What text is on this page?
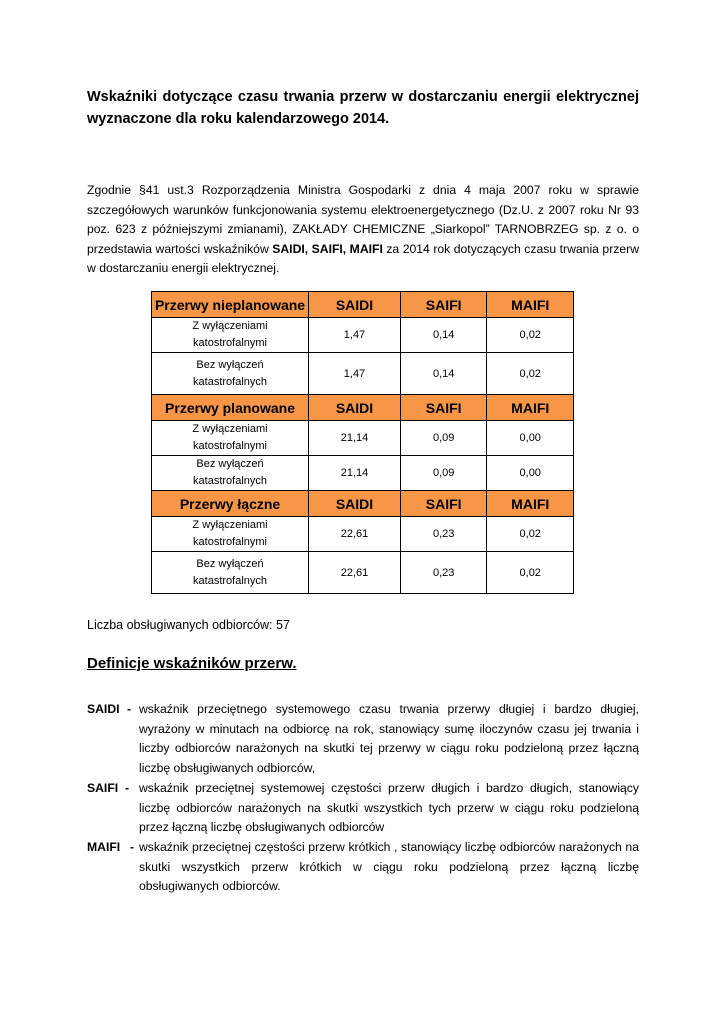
Wskaźniki dotyczące czasu trwania przerw w dostarczaniu energii elektrycznej wyznaczone dla roku kalendarzowego 2014.

Zgodnie §41 ust.3 Rozporządzenia Ministra Gospodarki z dnia 4 maja 2007 roku w sprawie szczegółowych warunków funkcjonowania systemu elektroenergetycznego (Dz.U. z 2007 roku Nr 93 poz. 623 z późniejszymi zmianami), ZAKŁADY CHEMICZNE „Siarkopol” TARNOBRZEG sp. z o. o przedstawia wartości wskaźników SAIDI, SAIFI, MAIFI za 2014 rok dotyczących czasu trwania przerw w dostarczaniu energii elektrycznej.

Przerwy nieplanowane	SAIDI	SAIFI	MAIFI
Z wyłączeniami
katostrofalnymi	1,47	0,14	0,02
Bez wyłączeń
katastrofalnych	1,47	0,14	0,02
Przerwy planowane	SAIDI	SAIFI	MAIFI
Z wyłączeniami
katostrofalnymi	21,14	0,09	0,00
Bez wyłączeń
katastrofalnych	21,14	0,09	0,00
Przerwy łączne	SAIDI	SAIFI	MAIFI
Z wyłączeniami
katostrofalnymi	22,61	0,23	0,02
Bez wyłączeń
katastrofalnych	22,61	0,23	0,02

Liczba obsługiwanych odbiorców: 57

Definicje wskaźników przerw.
SAIDI - wskaźnik przeciętnego systemowego czasu trwania przerwy długiej i bardzo długiej, wyrażony w minutach na odbiorcę na rok, stanowiący sumę iloczynów czasu jej trwania i liczby odbiorców narażonych na skutki tej przerwy w ciągu roku podzieloną przez łączną liczbę obsługiwanych odbiorców,
SAIFI - wskaźnik przeciętnej systemowej częstości przerw długich i bardzo długich, stanowiący liczbę odbiorców narażonych na skutki wszystkich tych przerw w ciągu roku podzieloną przez łączną liczbę obsługiwanych odbiorców
MAIFI - wskaźnik przeciętnej częstości przerw krótkich , stanowiący liczbę odbiorców narażonych na skutki wszystkich przerw krótkich w ciągu roku podzieloną przez łączną liczbę obsługiwanych odbiorców.
